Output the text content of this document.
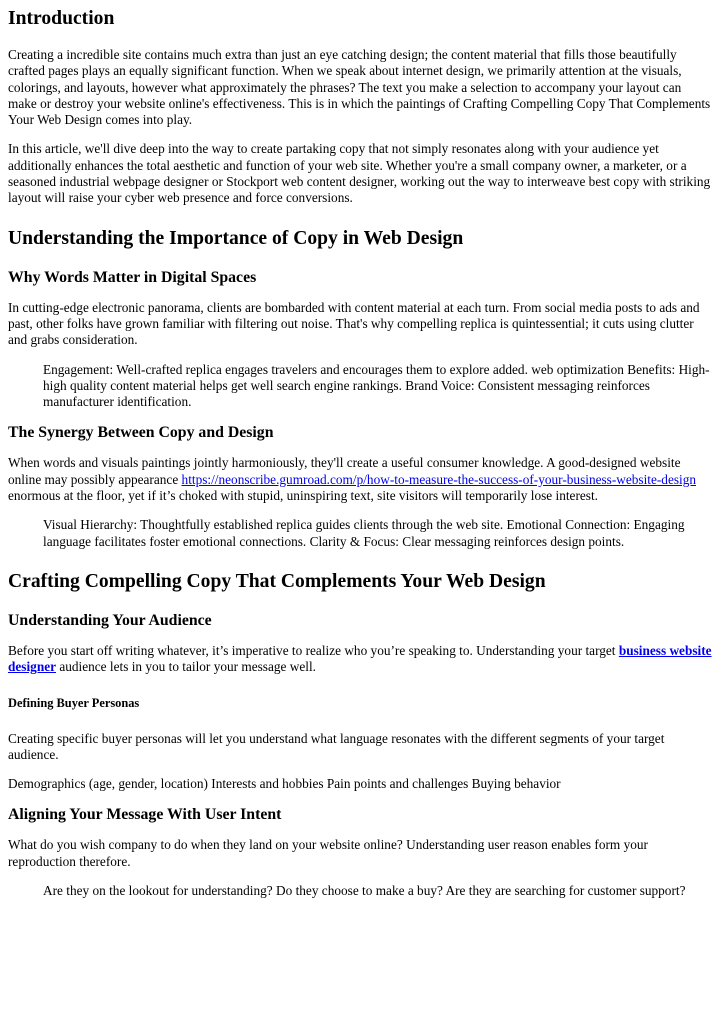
Introduction

Creating a incredible site contains much extra than just an eye catching design; the content material that fills those beautifully crafted pages plays an equally significant function. When we speak about internet design, we primarily attention at the visuals, colorings, and layouts, however what approximately the phrases? The text you make a selection to accompany your layout can make or destroy your website online's effectiveness. This is in which the paintings of Crafting Compelling Copy That Complements Your Web Design comes into play.

In this article, we'll dive deep into the way to create partaking copy that not simply resonates along with your audience yet additionally enhances the total aesthetic and function of your web site. Whether you're a small company owner, a marketer, or a seasoned industrial webpage designer or Stockport web content designer, working out the way to interweave best copy with striking layout will raise your cyber web presence and force conversions.

Understanding the Importance of Copy in Web Design
Why Words Matter in Digital Spaces

In cutting-edge electronic panorama, clients are bombarded with content material at each turn. From social media posts to ads and past, other folks have grown familiar with filtering out noise. That's why compelling replica is quintessential; it cuts using clutter and grabs consideration.

Engagement: Well-crafted replica engages travelers and encourages them to explore added. web optimization Benefits: High-high quality content material helps get well search engine rankings. Brand Voice: Consistent messaging reinforces manufacturer identification.
The Synergy Between Copy and Design

When words and visuals paintings jointly harmoniously, they'll create a useful consumer knowledge. A good-designed website online may possibly appearance https://neonscribe.gumroad.com/p/how-to-measure-the-success-of-your-business-website-design enormous at the floor, yet if it’s choked with stupid, uninspiring text, site visitors will temporarily lose interest.

Visual Hierarchy: Thoughtfully established replica guides clients through the web site. Emotional Connection: Engaging language facilitates foster emotional connections. Clarity & Focus: Clear messaging reinforces design points.
Crafting Compelling Copy That Complements Your Web Design
Understanding Your Audience

Before you start off writing whatever, it’s imperative to realize who you’re speaking to. Understanding your target business website designer audience lets in you to tailor your message well.

Defining Buyer Personas

Creating specific buyer personas will let you understand what language resonates with the different segments of your target audience.

Demographics (age, gender, location) Interests and hobbies Pain points and challenges Buying behavior

Aligning Your Message With User Intent

What do you wish company to do when they land on your website online? Understanding user reason enables form your reproduction therefore.

Are they on the lookout for understanding? Do they choose to make a buy? Are they are searching for customer support?
